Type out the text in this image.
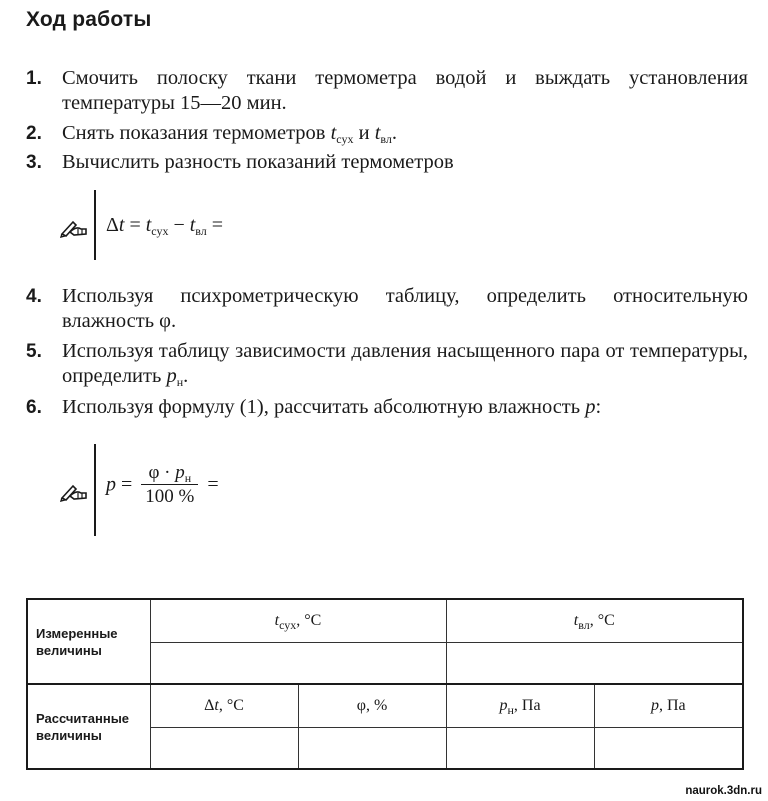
Ход работы
1. Смочить полоску ткани термометра водой и выждать установления температуры 15—20 мин.
2. Снять показания термометров $t_{сух}$ и $t_{вл}$.
3. Вычислить разность показаний термометров
$\Delta t = t_{сух} - t_{вл}$ =
4. Используя психрометрическую таблицу, определить относительную влажность φ.
5. Используя таблицу зависимости давления насыщенного пара от температуры, определить $p_н$.
6. Используя формулу (1), рассчитать абсолютную влажность p:
$p = \frac{\varphi \cdot p_н}{100 \%}$ =
Измеренные величины	$t_{сух}$, °С		$t_{вл}$, °С	

Рассчитанные величины	Δt, °С	φ, %	$p_н$, Па	p, Па

naurok.3dn.ru
